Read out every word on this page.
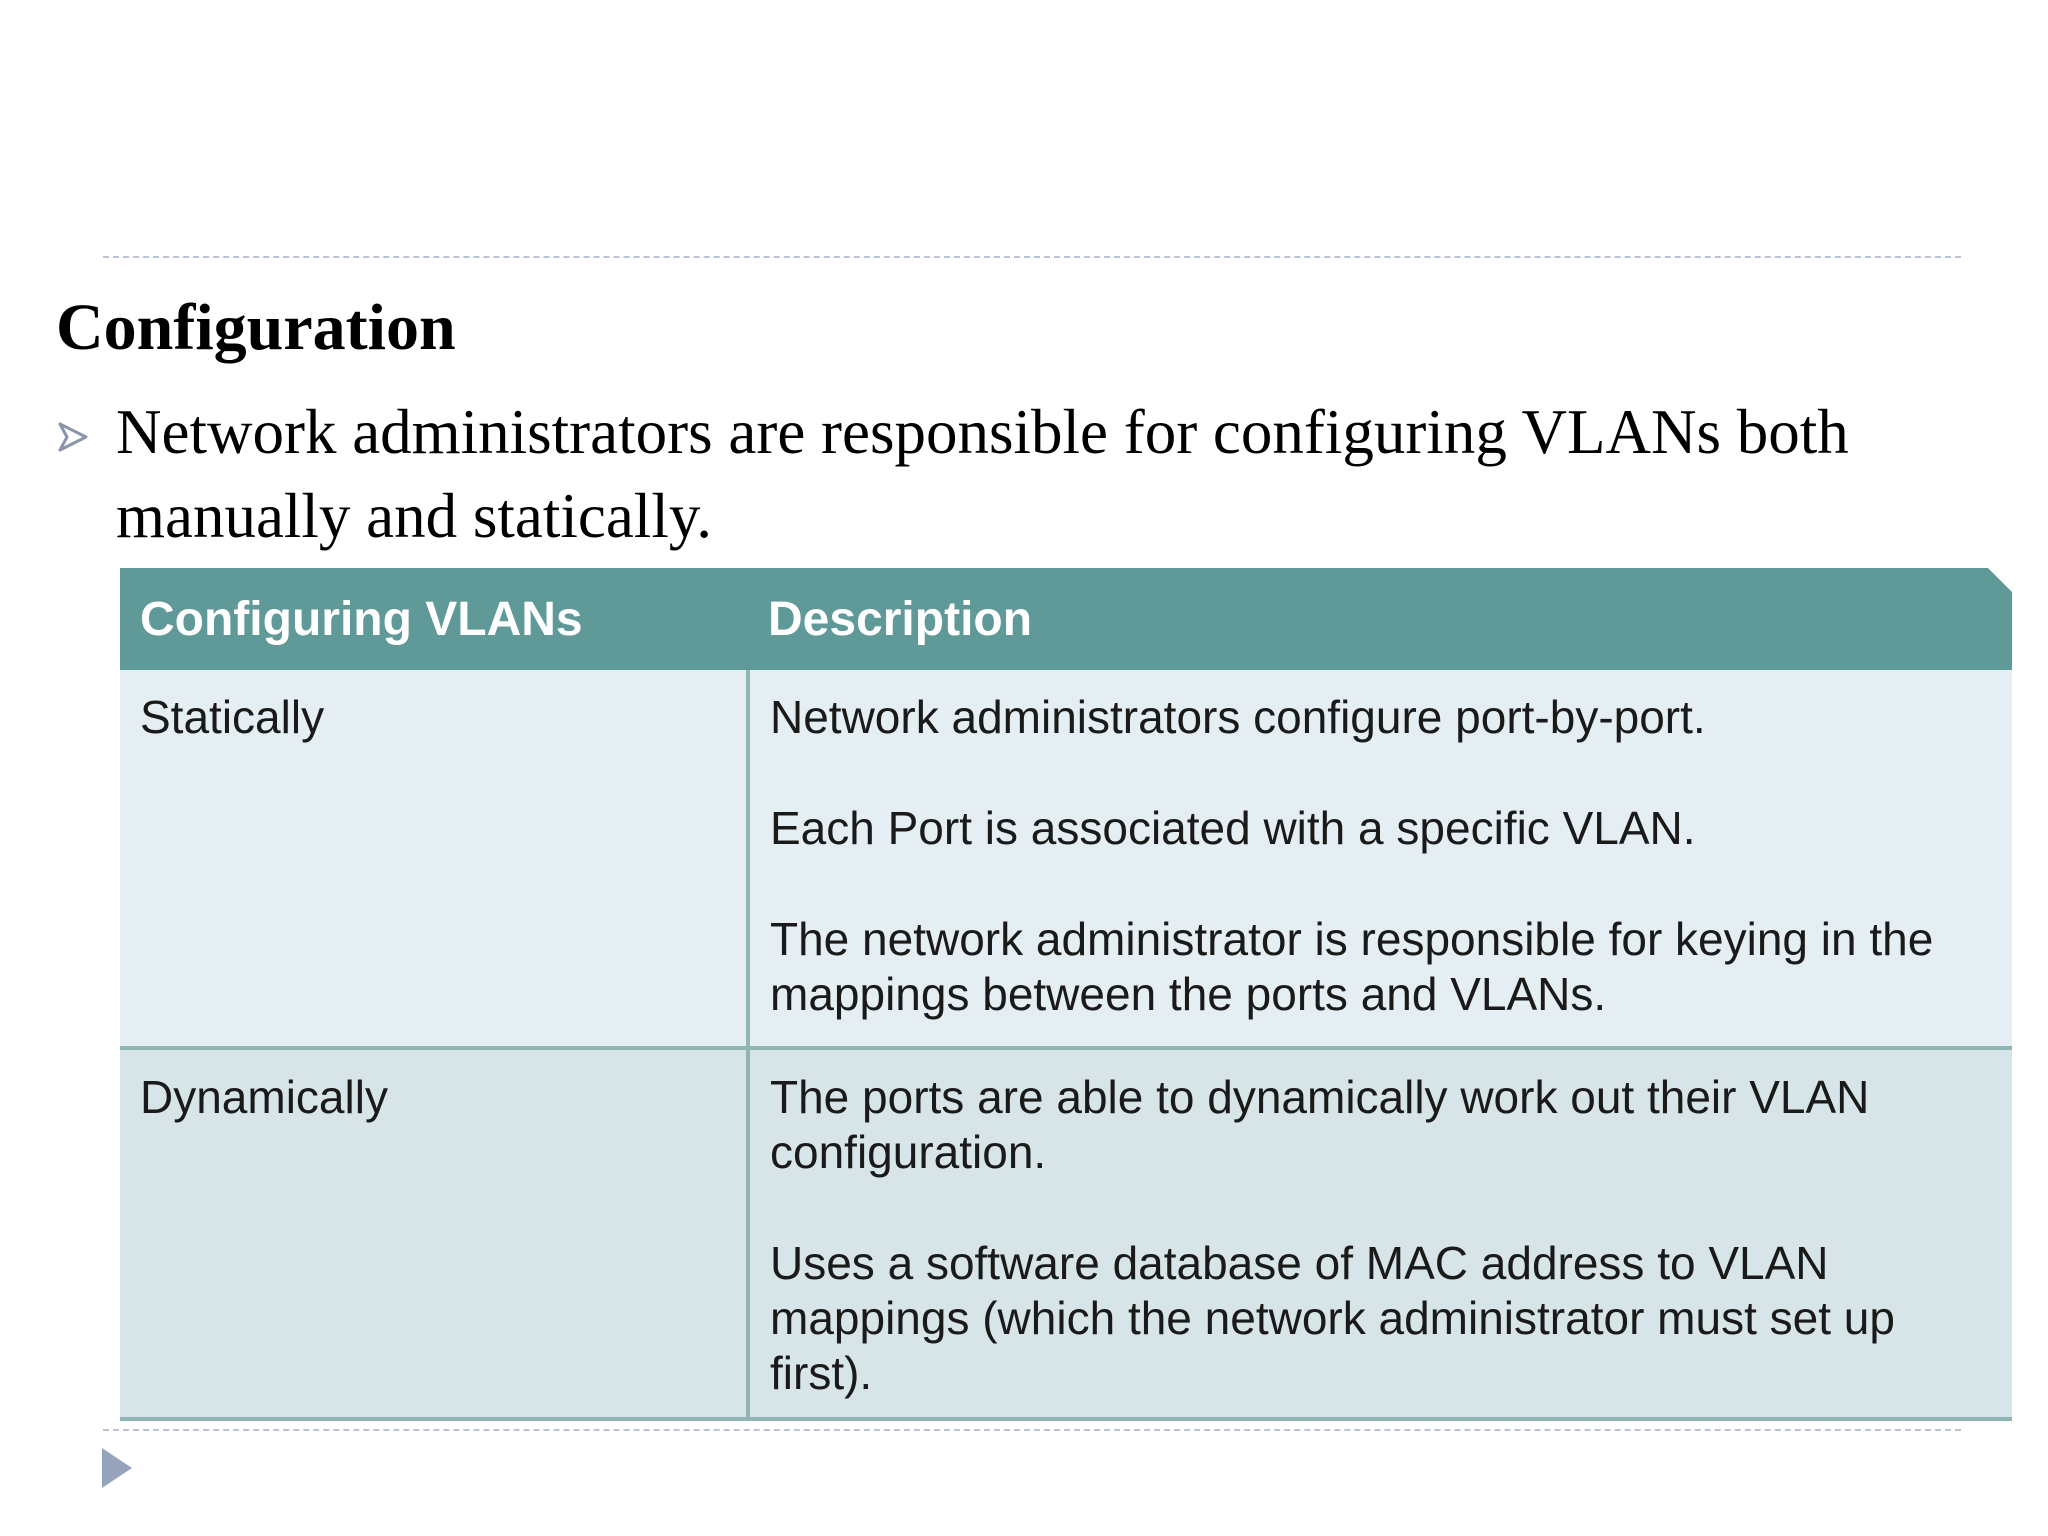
Configuration
Network administrators are responsible for configuring VLANs both manually and statically.
Configuring VLANs	Description
Statically	Network administrators configure port-by-port.

Each Port is associated with a specific VLAN.

The network administrator is responsible for keying in the mappings between the ports and VLANs.

Dynamically	The ports are able to dynamically work out their VLAN configuration.

Uses a software database of MAC address to VLAN mappings (which the network administrator must set up first).
